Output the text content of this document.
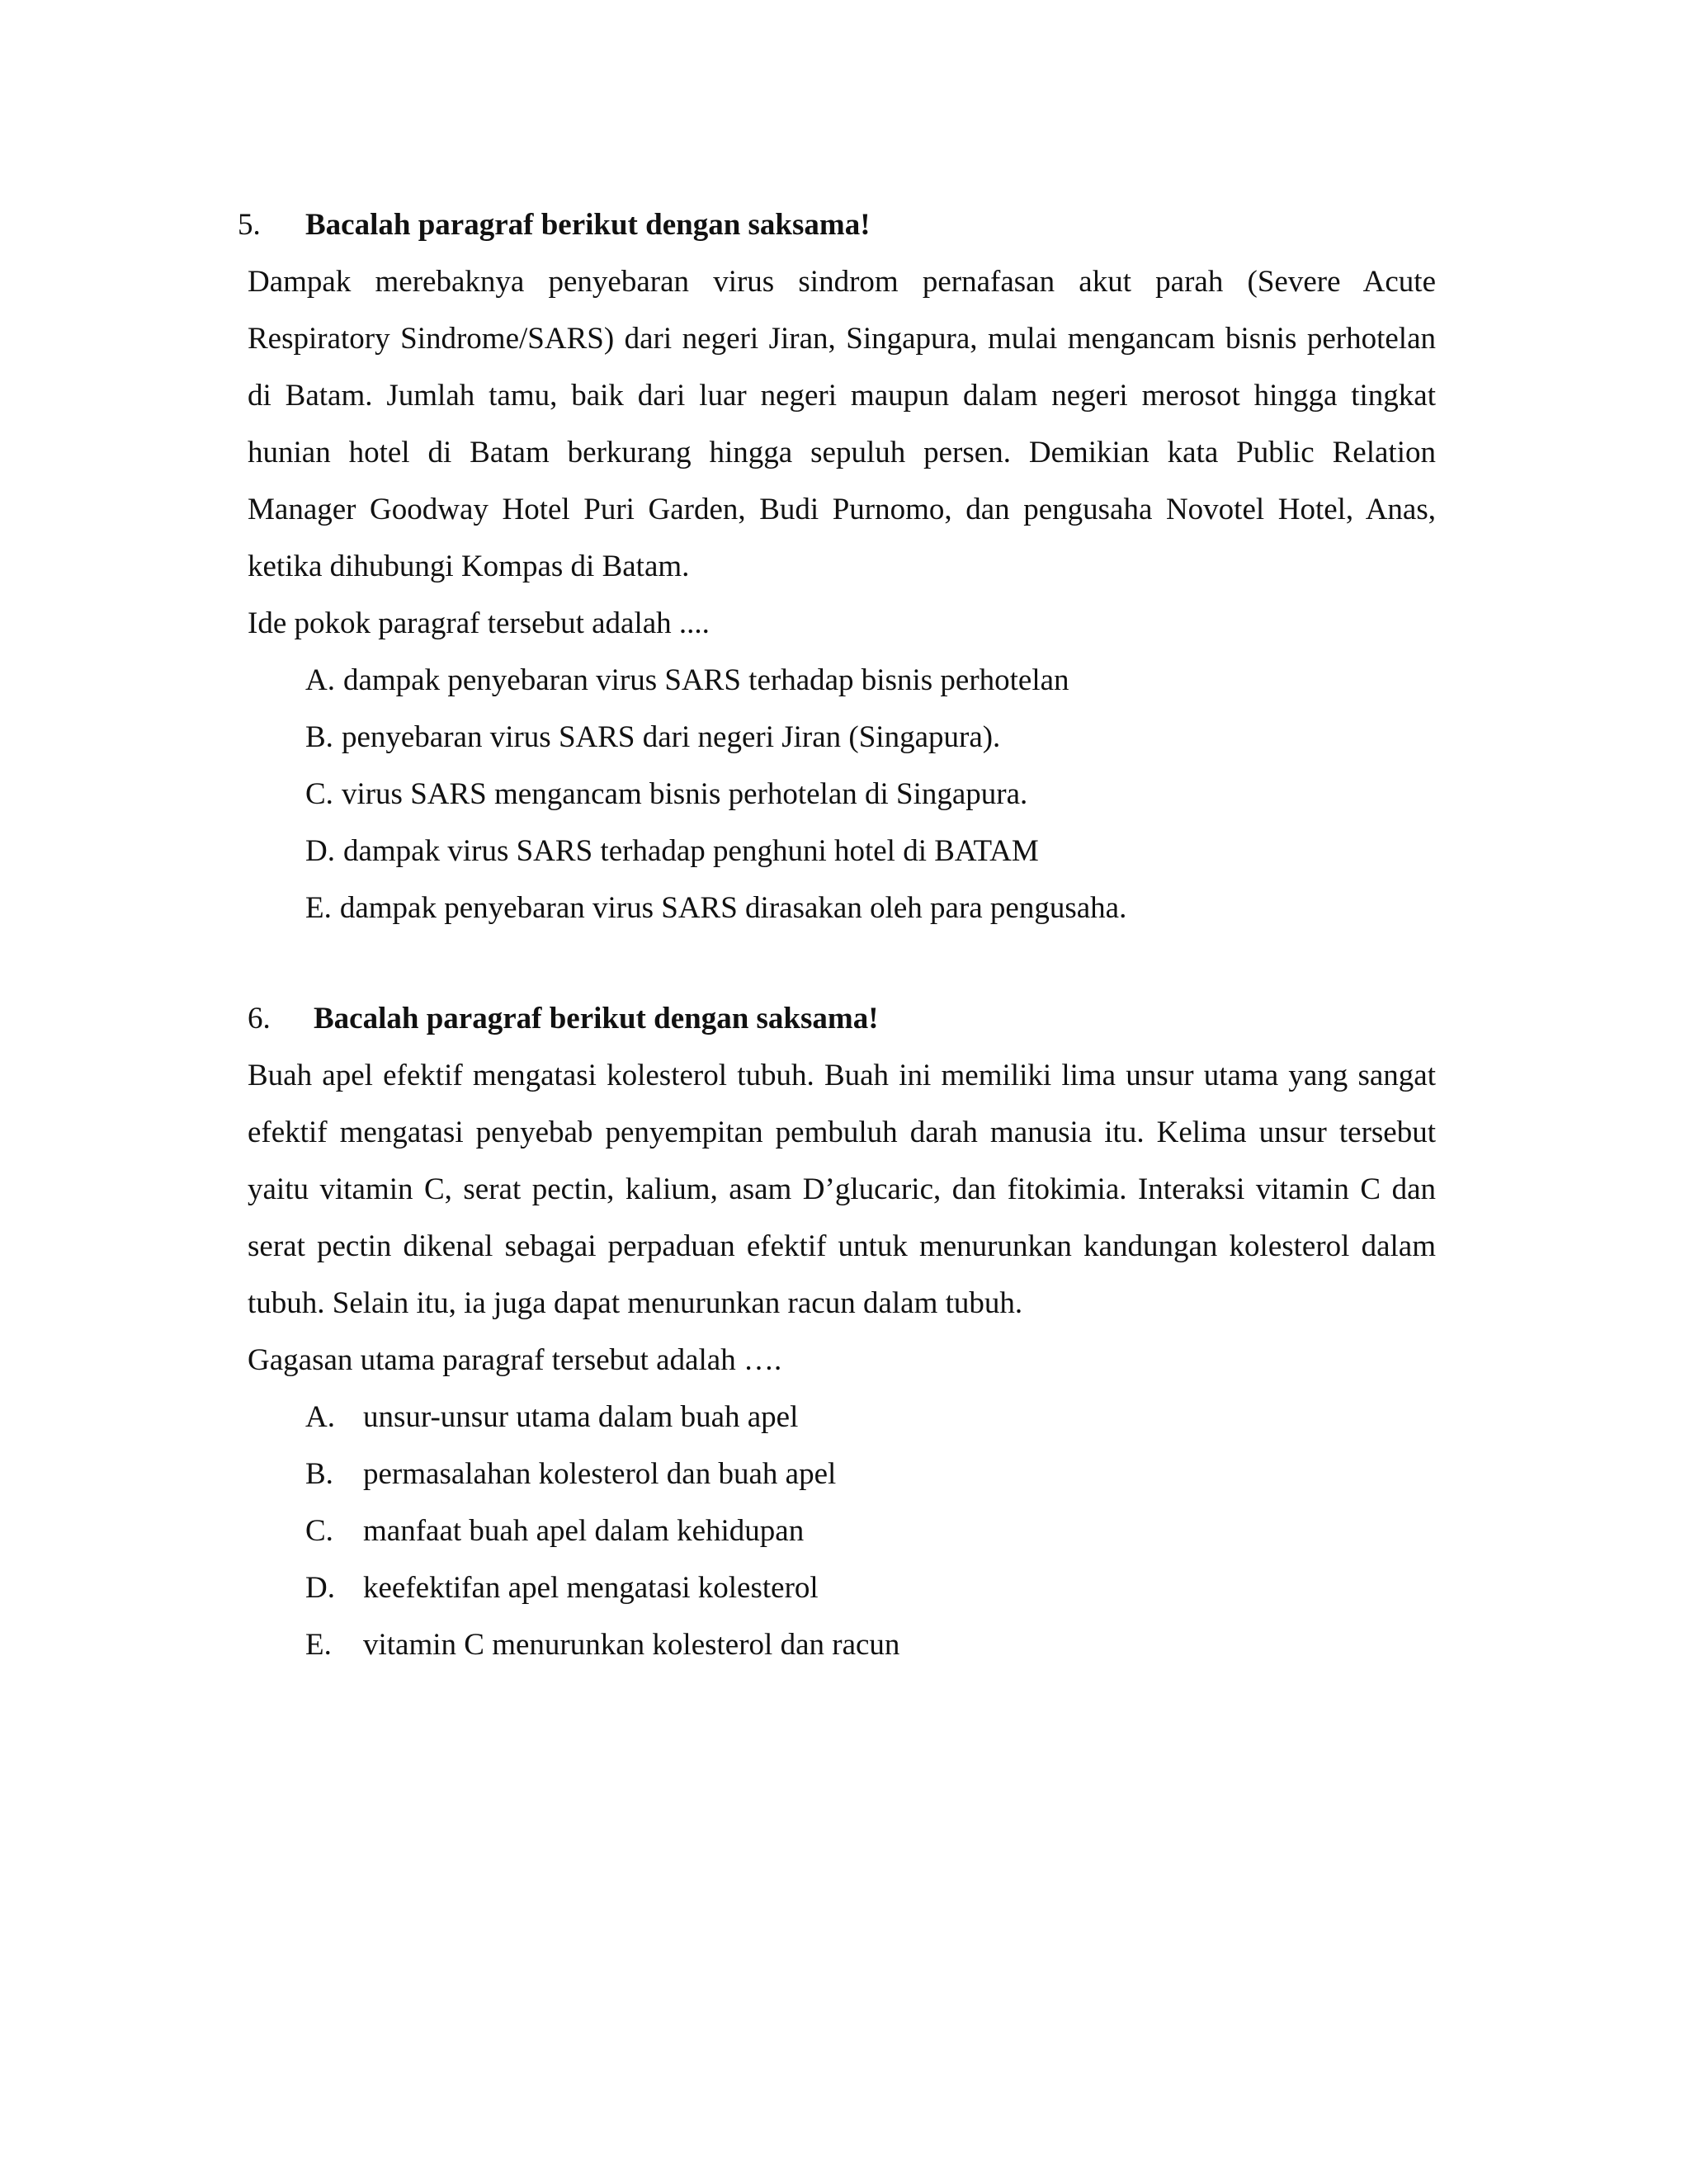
5.	Bacalah paragraf berikut dengan saksama!

Dampak merebaknya penyebaran virus sindrom pernafasan akut parah (Severe Acute Respiratory Sindrome/SARS) dari negeri Jiran, Singapura, mulai mengancam bisnis perhotelan di Batam. Jumlah tamu, baik dari luar negeri maupun dalam negeri merosot hingga tingkat hunian hotel di Batam berkurang hingga sepuluh persen. Demikian kata Public Relation Manager Goodway Hotel Puri Garden, Budi Purnomo, dan pengusaha Novotel Hotel, Anas, ketika dihubungi Kompas di Batam.

Ide pokok paragraf tersebut adalah ....

A. dampak penyebaran virus SARS terhadap bisnis perhotelan
B. penyebaran virus SARS dari negeri Jiran (Singapura).
C. virus SARS mengancam bisnis perhotelan di Singapura.
D. dampak virus SARS terhadap penghuni hotel di BATAM
E. dampak penyebaran virus SARS dirasakan oleh para pengusaha.
6.	Bacalah paragraf berikut dengan saksama!

Buah apel efektif mengatasi kolesterol tubuh. Buah ini memiliki lima unsur utama yang sangat efektif mengatasi penyebab penyempitan pembuluh darah manusia itu. Kelima unsur tersebut yaitu vitamin C, serat pectin, kalium, asam D’glucaric, dan fitokimia. Interaksi vitamin C dan serat pectin dikenal sebagai perpaduan efektif untuk menurunkan kandungan kolesterol dalam tubuh. Selain itu, ia juga dapat menurunkan racun dalam tubuh.

Gagasan utama paragraf tersebut adalah ….

A. unsur-unsur utama dalam buah apel
B. permasalahan kolesterol dan buah apel
C. manfaat buah apel dalam kehidupan
D. keefektifan apel mengatasi kolesterol
E.	vitamin C menurunkan kolesterol dan racun
